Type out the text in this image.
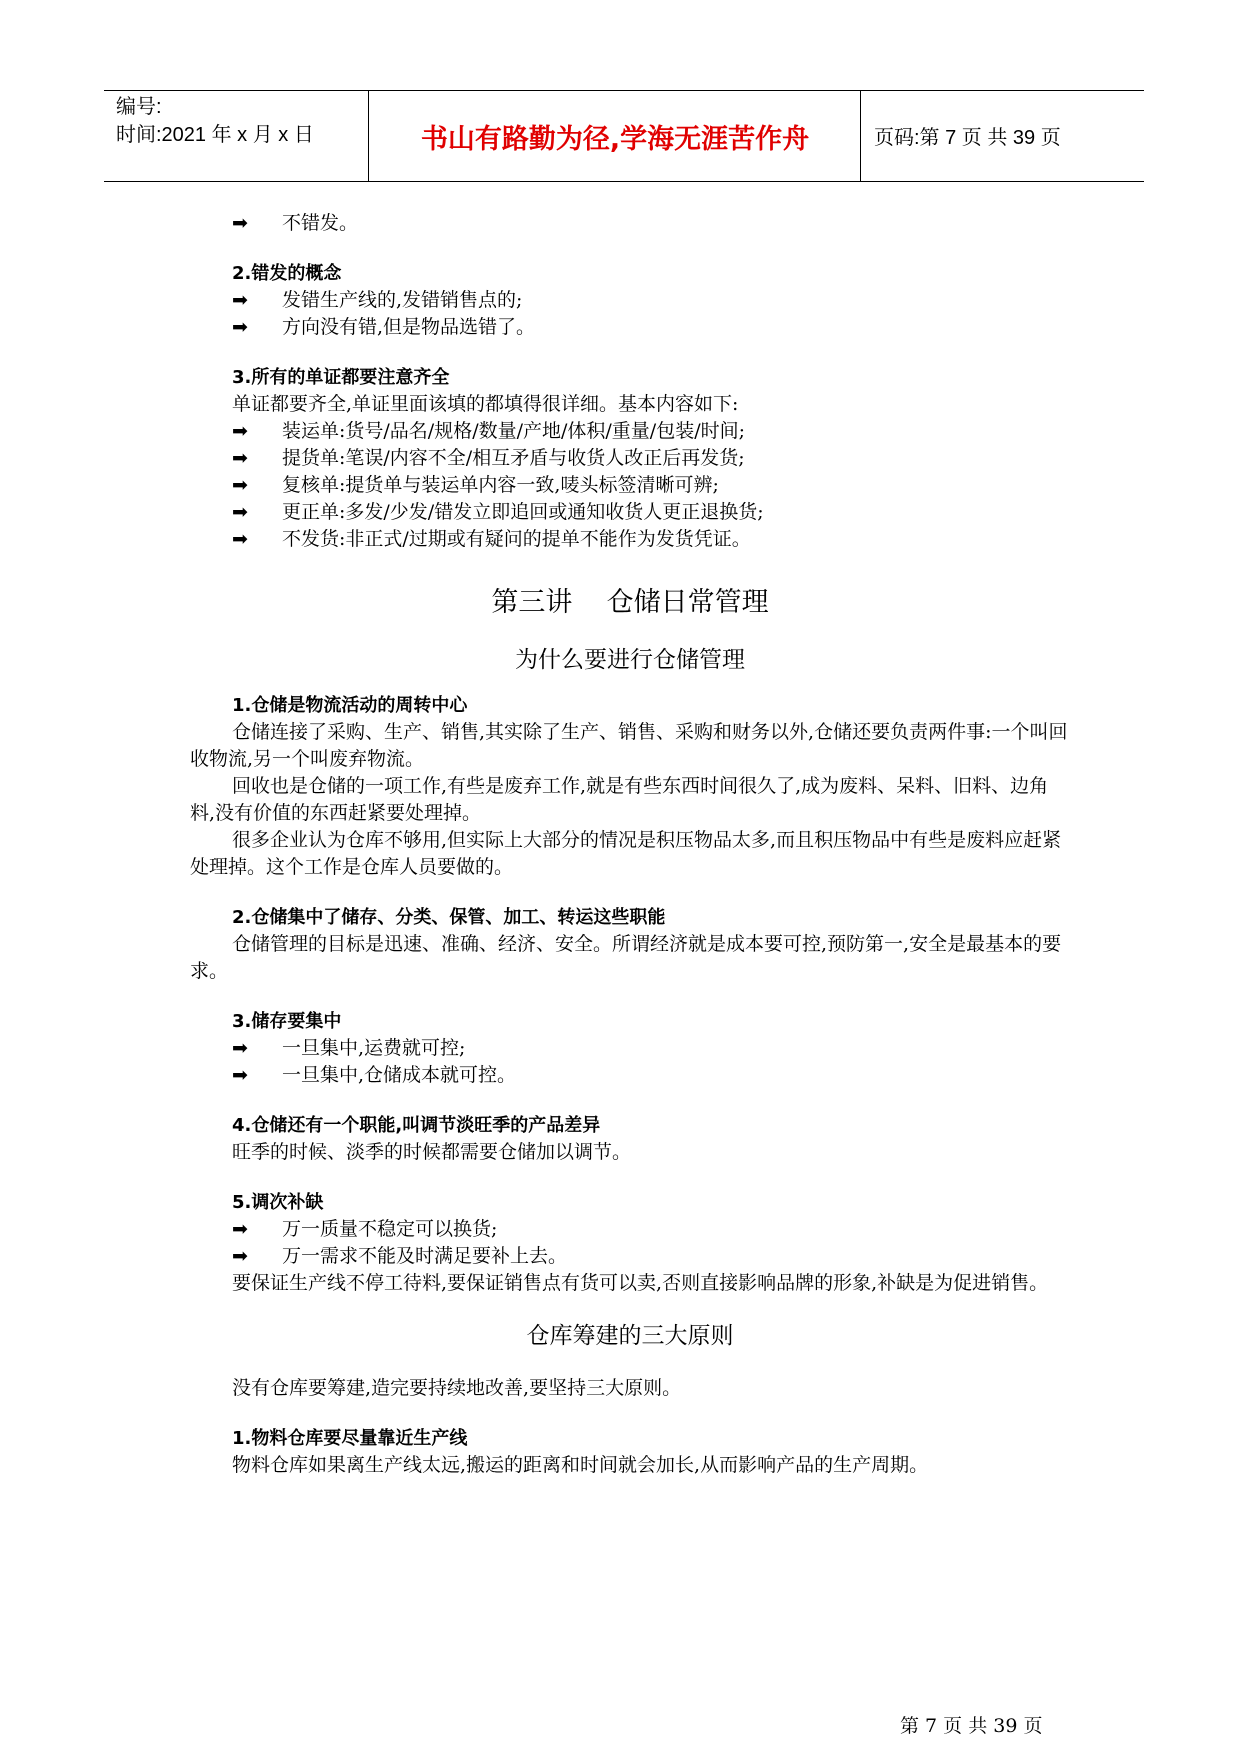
编号:
时间:2021 年 x 月 x 日	书山有路勤为径,学海无涯苦作舟	页码:第 7 页 共 39 页
➡ 不错发。
2.错发的概念
➡ 发错生产线的,发错销售点的;
➡ 方向没有错,但是物品选错了。
3.所有的单证都要注意齐全
单证都要齐全,单证里面该填的都填得很详细。基本内容如下:
➡ 装运单:货号/品名/规格/数量/产地/体积/重量/包装/时间;
➡ 提货单:笔误/内容不全/相互矛盾与收货人改正后再发货;
➡ 复核单:提货单与装运单内容一致,唛头标签清晰可辨;
➡ 更正单:多发/少发/错发立即追回或通知收货人更正退换货;
➡ 不发货:非正式/过期或有疑问的提单不能作为发货凭证。
第三讲    仓储日常管理
为什么要进行仓储管理
1.仓储是物流活动的周转中心
仓储连接了采购、生产、销售,其实除了生产、销售、采购和财务以外,仓储还要负责两件事:一个叫回收物流,另一个叫废弃物流。
回收也是仓储的一项工作,有些是废弃工作,就是有些东西时间很久了,成为废料、呆料、旧料、边角料,没有价值的东西赶紧要处理掉。
很多企业认为仓库不够用,但实际上大部分的情况是积压物品太多,而且积压物品中有些是废料应赶紧处理掉。这个工作是仓库人员要做的。
2.仓储集中了储存、分类、保管、加工、转运这些职能
仓储管理的目标是迅速、准确、经济、安全。所谓经济就是成本要可控,预防第一,安全是最基本的要求。
3.储存要集中
➡ 一旦集中,运费就可控;
➡ 一旦集中,仓储成本就可控。
4.仓储还有一个职能,叫调节淡旺季的产品差异
旺季的时候、淡季的时候都需要仓储加以调节。
5.调次补缺
➡ 万一质量不稳定可以换货;
➡ 万一需求不能及时满足要补上去。
要保证生产线不停工待料,要保证销售点有货可以卖,否则直接影响品牌的形象,补缺是为促进销售。
仓库筹建的三大原则
没有仓库要筹建,造完要持续地改善,要坚持三大原则。
1.物料仓库要尽量靠近生产线
物料仓库如果离生产线太远,搬运的距离和时间就会加长,从而影响产品的生产周期。
第 7 页 共 39 页
